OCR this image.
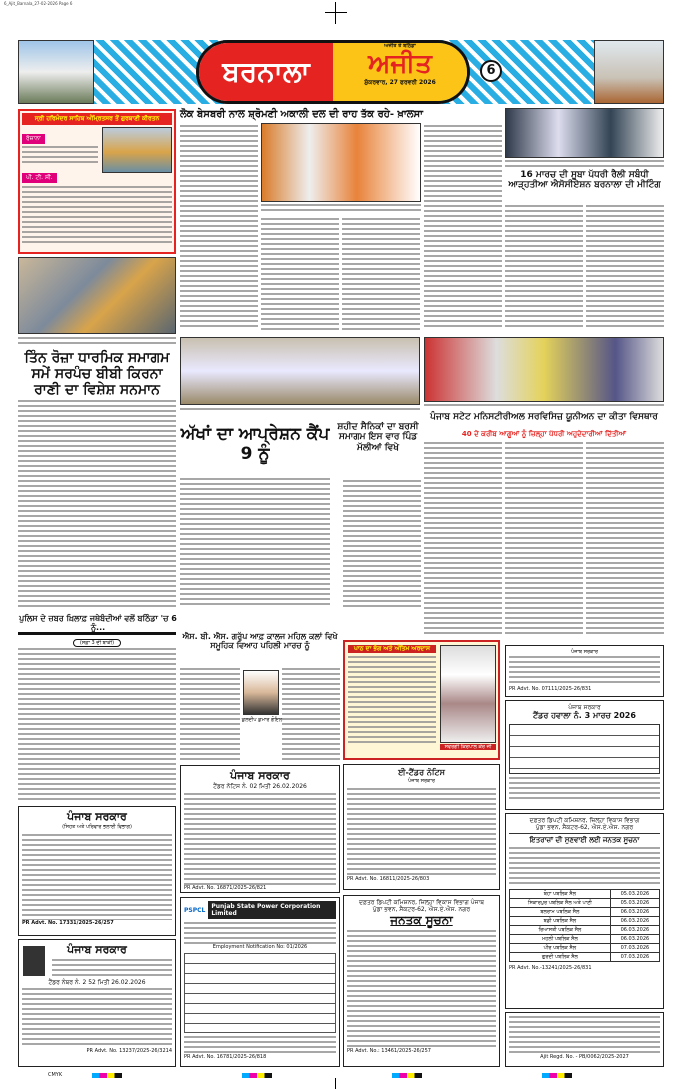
6_Ajit_Barnala_27-02-2026 Page 6
ਬਰਨਾਲਾ
ਅਜੀਤ ਤੇ ਬਠਿੰਡਾ
ਅਜੀਤ
ਸ਼ੁੱਕਰਵਾਰ, 27 ਫਰਵਰੀ 2026
6
ਸ੍ਰੀ ਹਰਿਮੰਦਰ ਸਾਹਿਬ ਅੰਮ੍ਰਿਤਸਰ ਤੋਂ ਗੁਰਬਾਣੀ ਕੀਰਤਨ
ਰੋਜ਼ਾਨਾ
ਪੀ. ਟੀ. ਸੀ.
ਤਿੰਨ ਰੋਜ਼ਾ ਧਾਰਮਿਕ ਸਮਾਗਮ ਸਮੇਂ ਸਰਪੰਚ ਬੀਬੀ ਕਿਰਨਾ ਰਾਣੀ ਦਾ ਵਿਸ਼ੇਸ਼ ਸਨਮਾਨ
ਪੁਲਿਸ ਦੇ ਜ਼ਬਰ ਖ਼ਿਲਾਫ਼ ਜਥੇਬੰਦੀਆਂ ਵਲੋਂ ਬਠਿੰਡਾ 'ਚ 6 ਨੂੰ...
$^{(ਸਫ਼ਾ 3 ਦੀ ਬਾਕੀ)}$
ਪੰਜਾਬ ਸਰਕਾਰ
(ਸਿਹਤ ਅਤੇ ਪਰਿਵਾਰ ਭਲਾਈ ਵਿਭਾਗ)
PR Advt. No. 17331/2025-26/257
ਪੰਜਾਬ ਸਰਕਾਰ
ਟੈਂਡਰ ਨੰਬਰ ਨੰ. 2 52 ਮਿਤੀ 26.02.2026
PR Advt. No. 13237/2025-26/3214
ਲੋਕ ਬੇਸਬਰੀ ਨਾਲ ਸ਼੍ਰੋਮਣੀ ਅਕਾਲੀ ਦਲ ਦੀ ਰਾਹ ਤੱਕ ਰਹੇ- ਖ਼ਾਲਸਾ
16 ਮਾਰਚ ਦੀ ਸੂਬਾ ਪੱਧਰੀ ਰੈਲੀ ਸਬੰਧੀ ਆੜ੍ਹਤੀਆ ਐਸੋਸੀਏਸ਼ਨ ਬਰਨਾਲਾ ਦੀ ਮੀਟਿੰਗ
ਪੰਜਾਬ ਸਟੇਟ ਮਨਿਸਟੀਰੀਅਲ ਸਰਵਿਸਿਜ਼ ਯੂਨੀਅਨ ਦਾ ਕੀਤਾ ਵਿਸਥਾਰ
40 ਦੇ ਕਰੀਬ ਆਗੂਆਂ ਨੂੰ ਜ਼ਿਲ੍ਹਾ ਪੱਧਰੀ ਅਹੁਦੇਦਾਰੀਆਂ ਦਿੱਤੀਆਂ
ਅੱਖਾਂ ਦਾ ਆਪ੍ਰੇਸ਼ਨ ਕੈਂਪ 9 ਨੂੰ
ਸ਼ਹੀਦ ਸੈਨਿਕਾਂ ਦਾ ਬਰਸੀ ਸਮਾਗਮ ਇਸ ਵਾਰ ਪਿੰਡ ਮੱਲੀਆਂ ਵਿਖੇ
ਐਸ. ਬੀ. ਐਸ. ਗਰੁੱਪ ਆਫ਼ ਕਾਲਜ ਮਹਿਲ ਕਲਾਂ ਵਿਖੇ ਸਮੂਹਿਕ ਵਿਆਹ ਪਹਿਲੀ ਮਾਰਚ ਨੂੰ
ਕੁਲਦੀਪ ਕੁਮਾਰ ਗੋਇਲ
ਪਾਠ ਦਾ ਭੋਗ ਅਤੇ ਅੰਤਿਮ ਅਰਦਾਸ
ਸਵਰਗੀ ਕਿਰਪਾਲ ਕੌਰ ਜੀ
ਪੰਜਾਬ ਸਰਕਾਰ
ਟੈਂਡਰ ਨੋਟਿਸ ਨੰ. 02 ਮਿਤੀ 26.02.2026
PR Advt. No. 16871/2025-26/821
PSPCL	Punjab State Power Corporation Limited
Employment Notification No: 01/2026
PR Advt. No. 16781/2025-26/818
ਈ-ਟੈਂਡਰ ਨੋਟਿਸ
ਪੰਜਾਬ ਸਰਕਾਰ
PR Advt. No. 16811/2025-26/803
ਦਫ਼ਤਰ ਡਿਪਟੀ ਕਮਿਸ਼ਨਰ, ਜ਼ਿਲ੍ਹਾ ਵਿਕਾਸ ਵਿਭਾਗ ਪੰਜਾਬ
ਪੁੱਡਾ ਭਵਨ, ਸੈਕਟਰ-62, ਐਸ.ਏ.ਐਸ. ਨਗਰ
ਜਨਤਕ ਸੂਚਨਾ
PR Advt. No.: 13461/2025-26/257
ਪੰਜਾਬ ਸਰਕਾਰ
PR Advt. No. 07111/2025-26/831
ਪੰਜਾਬ ਸਰਕਾਰ
ਟੈਂਡਰ ਹਵਾਲਾ ਨੰ. 3 ਮਾਰਚ 2026
ਦਫ਼ਤਰ ਡਿਪਟੀ ਕਮਿਸ਼ਨਰ, ਜ਼ਿਲ੍ਹਾ ਵਿਕਾਸ ਵਿਭਾਗ
ਪੁੱਡਾ ਭਵਨ, ਸੈਕਟਰ-62, ਐਸ.ਏ.ਐਸ. ਨਗਰ
ਇਤਰਾਜ਼ਾਂ ਦੀ ਸੁਣਵਾਈ ਲਈ ਜਨਤਕ ਸੂਚਨਾ
ਬੋਹਾ ਪਬਲਿਕ ਸੈਲ	05.03.2026
ਸਿਕਾਰਪੁਰ ਪਬਲਿਕ ਸੈਲ ਅਤੇ ਪਾਣੀ	05.03.2026
ਬਲਰਾਮ ਪਬਲਿਕ ਸੈਲ	06.03.2026
ਬਡੀ ਪਬਲਿਕ ਸੈਲ	06.03.2026
ਰਿਆਸਤੀ ਪਬਲਿਕ ਸੈਲ	06.03.2026
ਮਹਲੀ ਪਬਲਿਕ ਸੈਲ	06.03.2026
ਪੀਰ ਪਬਲਿਕ ਸੈਲ	07.03.2026
ਗੁਰਦੀ ਪਬਲਿਕ ਸੈਲ	07.03.2026
PR Advt. No.-13241/2025-26/831
Ajit Regd. No. - PB/0062/2025-2027
CMYK
